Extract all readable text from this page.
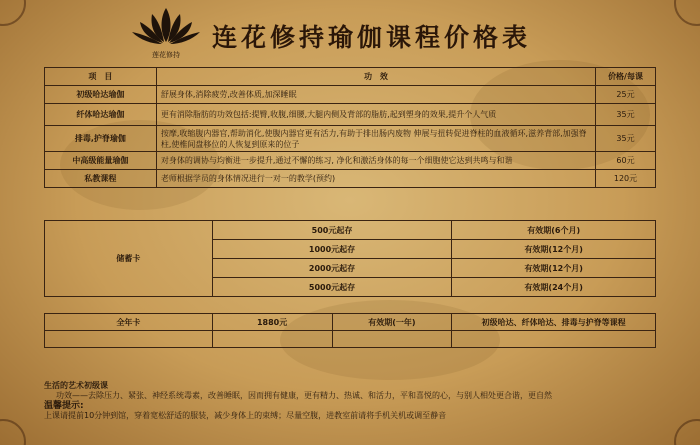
莲花修持
连花修持瑜伽课程价格表
项　目	功　效	价格/每课
初级哈达瑜伽	舒展身体,消除疲劳,改善体质,加深睡眠	25元
纤体哈达瑜伽	更有消除脂肪的功效包括:提臀,收腹,细腰,大腿内侧及背部的脂肪,起到塑身的效果,提升个人气质	35元
排毒,护脊瑜伽	按摩,收缩腹内器官,帮助消化,使腹内器官更有活力,有助于排出肠内废物 伸展与扭转促进脊柱的血液循环,滋养背部,加强脊柱,使椎间盘移位的人恢复到原来的位子	35元
中高级能量瑜伽	对身体的调协与均衡进一步提升,通过不懈的练习, 净化和激活身体的每一个细胞使它达到共鸣与和谐	60元
私教课程	老师根据学员的身体情况进行一对一的教学(预约)	120元
储蓄卡	500元起存	有效期(6个月)
	1000元起存	有效期(12个月)
	2000元起存	有效期(12个月)
	5000元起存	有效期(24个月)
全年卡	1880元	有效期(一年)	初级哈达、纤体哈达、排毒与护脊等课程

生活的艺术初级课
功效——去除压力、紧张、神经系统毒素，改善睡眠，因而拥有健康，更有精力、热诚、和活力，平和喜悦的心，与别人相处更合谐，更自然
温馨提示:
上课请提前10分钟到馆，穿着宽松舒适的服装，减少身体上的束缚；尽量空腹，进教室前请将手机关机或调至静音
